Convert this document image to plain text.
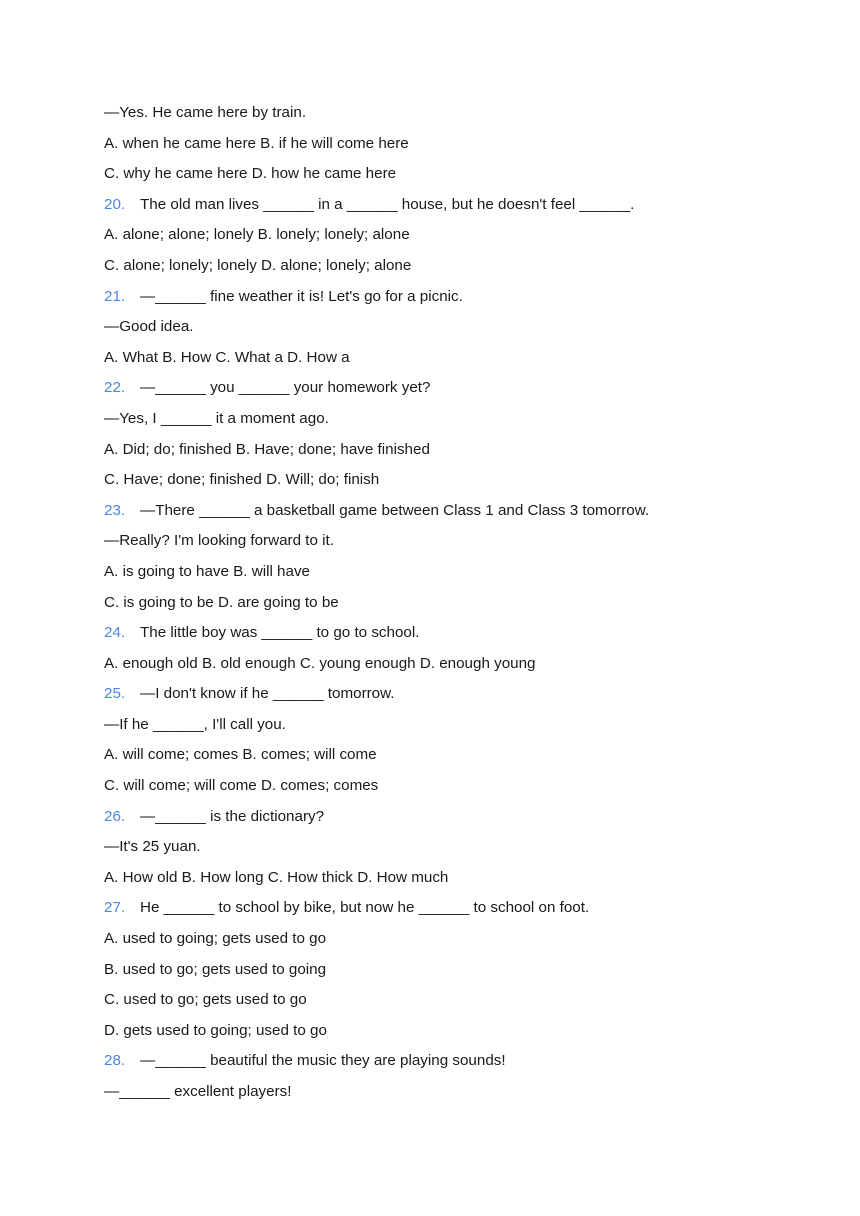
—Yes. He came here by train.
A. when he came here B. if he will come here
C. why he came here D. how he came here
20. The old man lives ______ in a ______ house, but he doesn't feel ______.
A. alone; alone; lonely B. lonely; lonely; alone
C. alone; lonely; lonely D. alone; lonely; alone
21. —______ fine weather it is! Let's go for a picnic.
—Good idea.
A. What B. How C. What a D. How a
22. —______ you ______ your homework yet?
—Yes, I ______ it a moment ago.
A. Did; do; finished B. Have; done; have finished
C. Have; done; finished D. Will; do; finish
23. —There ______ a basketball game between Class 1 and Class 3 tomorrow.
—Really? I'm looking forward to it.
A. is going to have B. will have
C. is going to be D. are going to be
24. The little boy was ______ to go to school.
A. enough old B. old enough C. young enough D. enough young
25. —I don't know if he ______ tomorrow.
—If he ______, I'll call you.
A. will come; comes B. comes; will come
C. will come; will come D. comes; comes
26. —______ is the dictionary?
—It's 25 yuan.
A. How old B. How long C. How thick D. How much
27. He ______ to school by bike, but now he ______ to school on foot.
A. used to going; gets used to go
B. used to go; gets used to going
C. used to go; gets used to go
D. gets used to going; used to go
28. —______ beautiful the music they are playing sounds!
—______ excellent players!
